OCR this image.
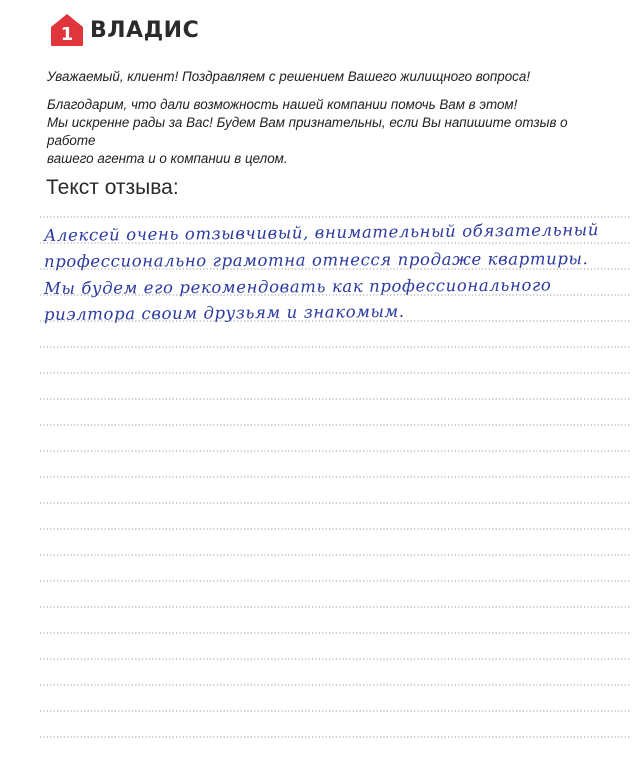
1 ВЛАДИС
Уважаемый, клиент! Поздравляем с решением Вашего жилищного вопроса!
Благодарим, что дали возможность нашей компании помочь Вам в этом!
Мы искренне рады за Вас! Будем Вам признательны, если Вы напишите отзыв о работе
вашего агента и о компании в целом.
Текст отзыва:
Алексей очень отзывчивый, внимательный обязательный
профессионально грамотна отнесся продаже квартиры.
Мы будем его рекомендовать как профессионального
риэлтора своим друзьям и знакомым.
